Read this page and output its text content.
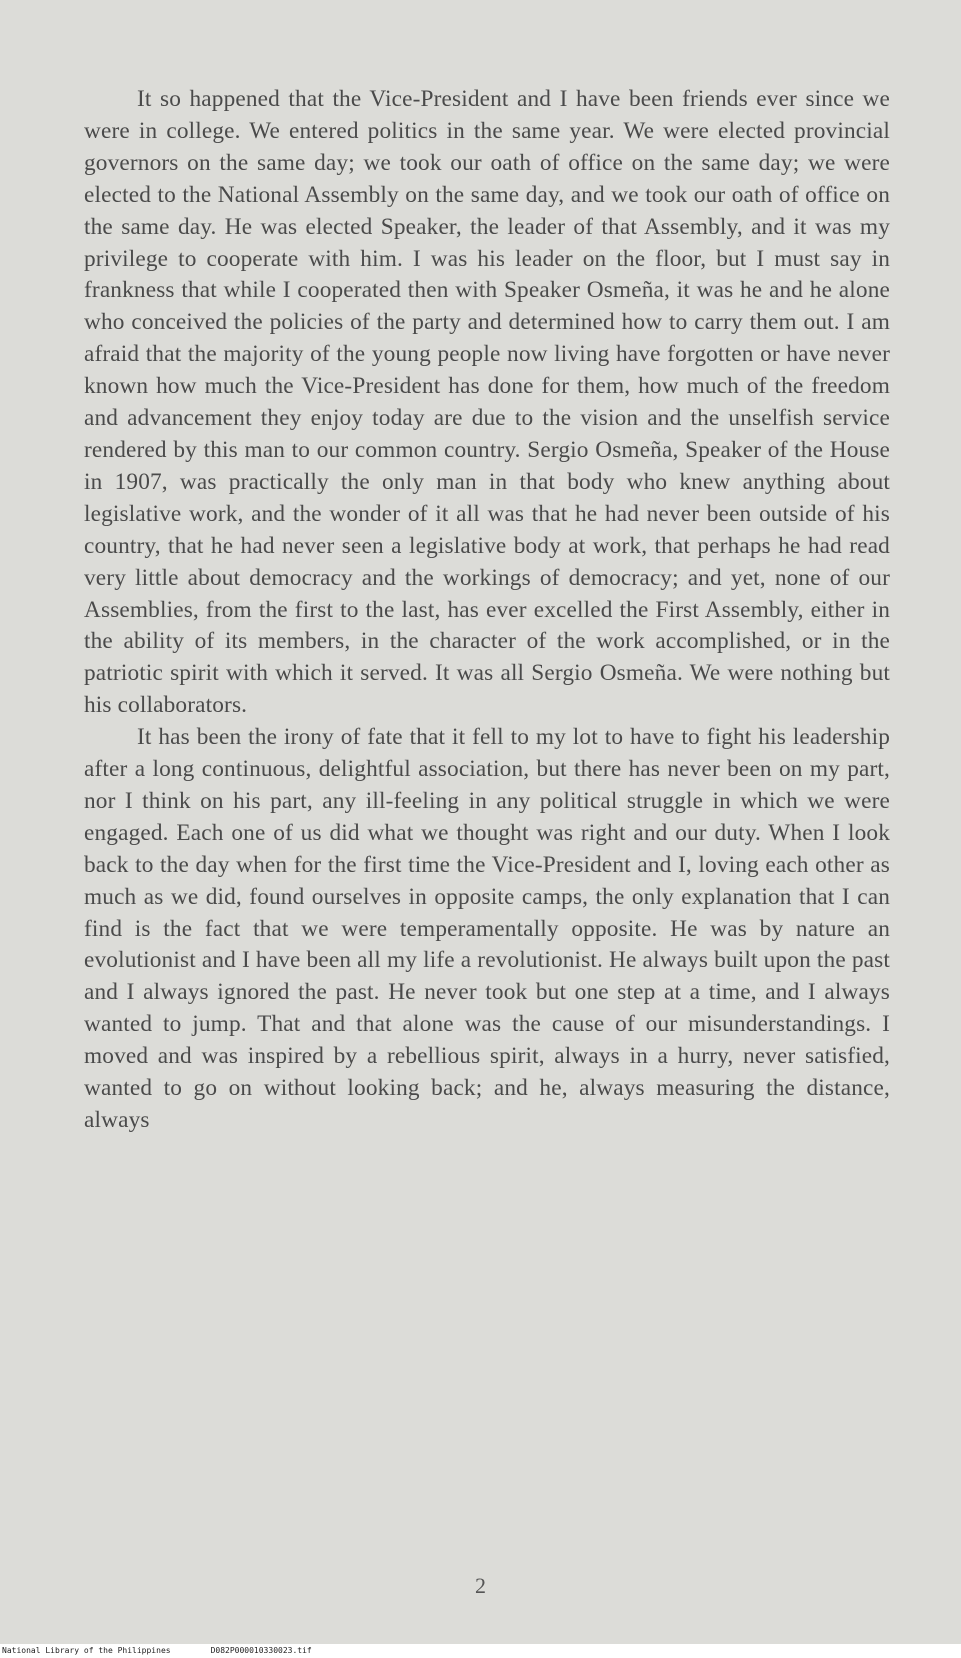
It so happened that the Vice-President and I have been friends ever since we were in college. We entered politics in the same year. We were elected provincial governors on the same day; we took our oath of office on the same day; we were elected to the National Assembly on the same day, and we took our oath of office on the same day. He was elected Speaker, the leader of that Assembly, and it was my privilege to cooperate with him. I was his leader on the floor, but I must say in frankness that while I cooperated then with Speaker Osmeña, it was he and he alone who conceived the policies of the party and determined how to carry them out. I am afraid that the majority of the young people now living have forgotten or have never known how much the Vice-President has done for them, how much of the freedom and advancement they enjoy today are due to the vision and the unselfish service rendered by this man to our common country. Sergio Osmeña, Speaker of the House in 1907, was practically the only man in that body who knew anything about legislative work, and the wonder of it all was that he had never been outside of his country, that he had never seen a legislative body at work, that perhaps he had read very little about democracy and the workings of democracy; and yet, none of our Assemblies, from the first to the last, has ever excelled the First Assembly, either in the ability of its members, in the character of the work accomplished, or in the patriotic spirit with which it served. It was all Sergio Osmeña. We were nothing but his collaborators.

It has been the irony of fate that it fell to my lot to have to fight his leadership after a long continuous, delightful association, but there has never been on my part, nor I think on his part, any ill-feeling in any political struggle in which we were engaged. Each one of us did what we thought was right and our duty. When I look back to the day when for the first time the Vice-President and I, loving each other as much as we did, found ourselves in opposite camps, the only explanation that I can find is the fact that we were temperamentally opposite. He was by nature an evolutionist and I have been all my life a revolutionist. He always built upon the past and I always ignored the past. He never took but one step at a time, and I always wanted to jump. That and that alone was the cause of our misunderstandings. I moved and was inspired by a rebellious spirit, always in a hurry, never satisfied, wanted to go on without looking back; and he, always measuring the distance, always

2
National Library of the Philippines	D082P000010330023.tif
